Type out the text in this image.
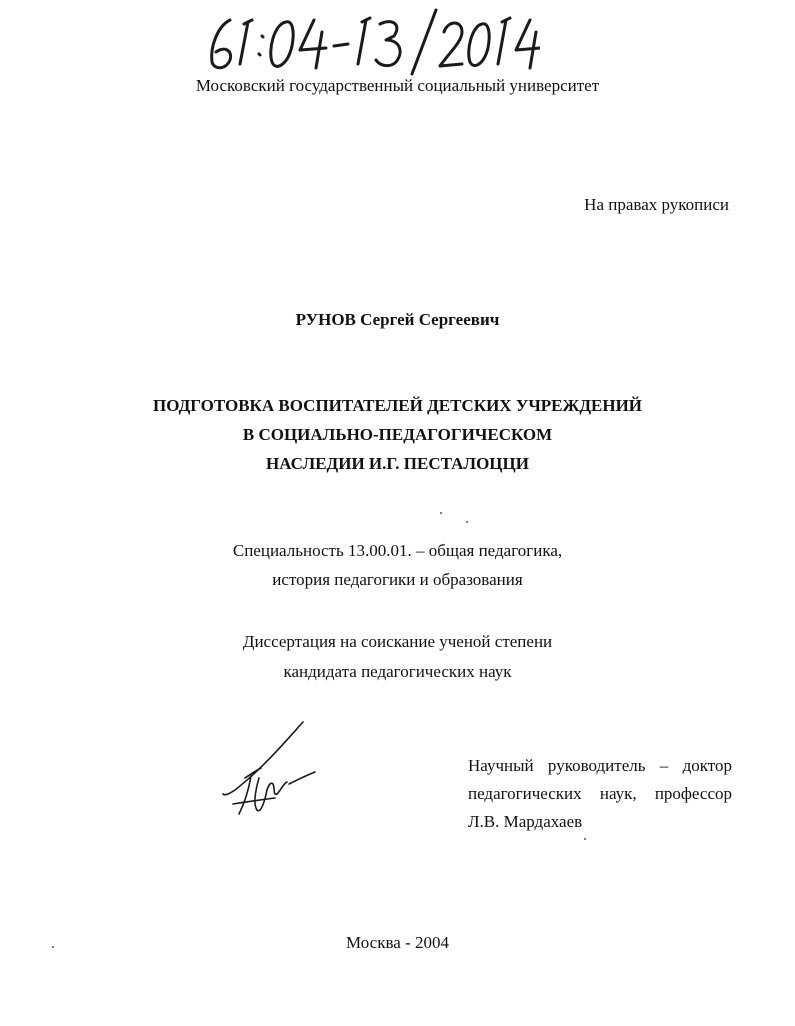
Московский государственный социальный университет
На правах рукописи
РУНОВ Сергей Сергеевич
ПОДГОТОВКА ВОСПИТАТЕЛЕЙ ДЕТСКИХ УЧРЕЖДЕНИЙ
В СОЦИАЛЬНО-ПЕДАГОГИЧЕСКОМ
НАСЛЕДИИ И.Г. ПЕСТАЛОЦЦИ
Специальность 13.00.01. – общая педагогика,
история педагогики и образования
Диссертация на соискание ученой степени
кандидата педагогических наук
Научный руководитель – доктор
педагогических наук, профессор
Л.В. Мардахаев
Москва - 2004
